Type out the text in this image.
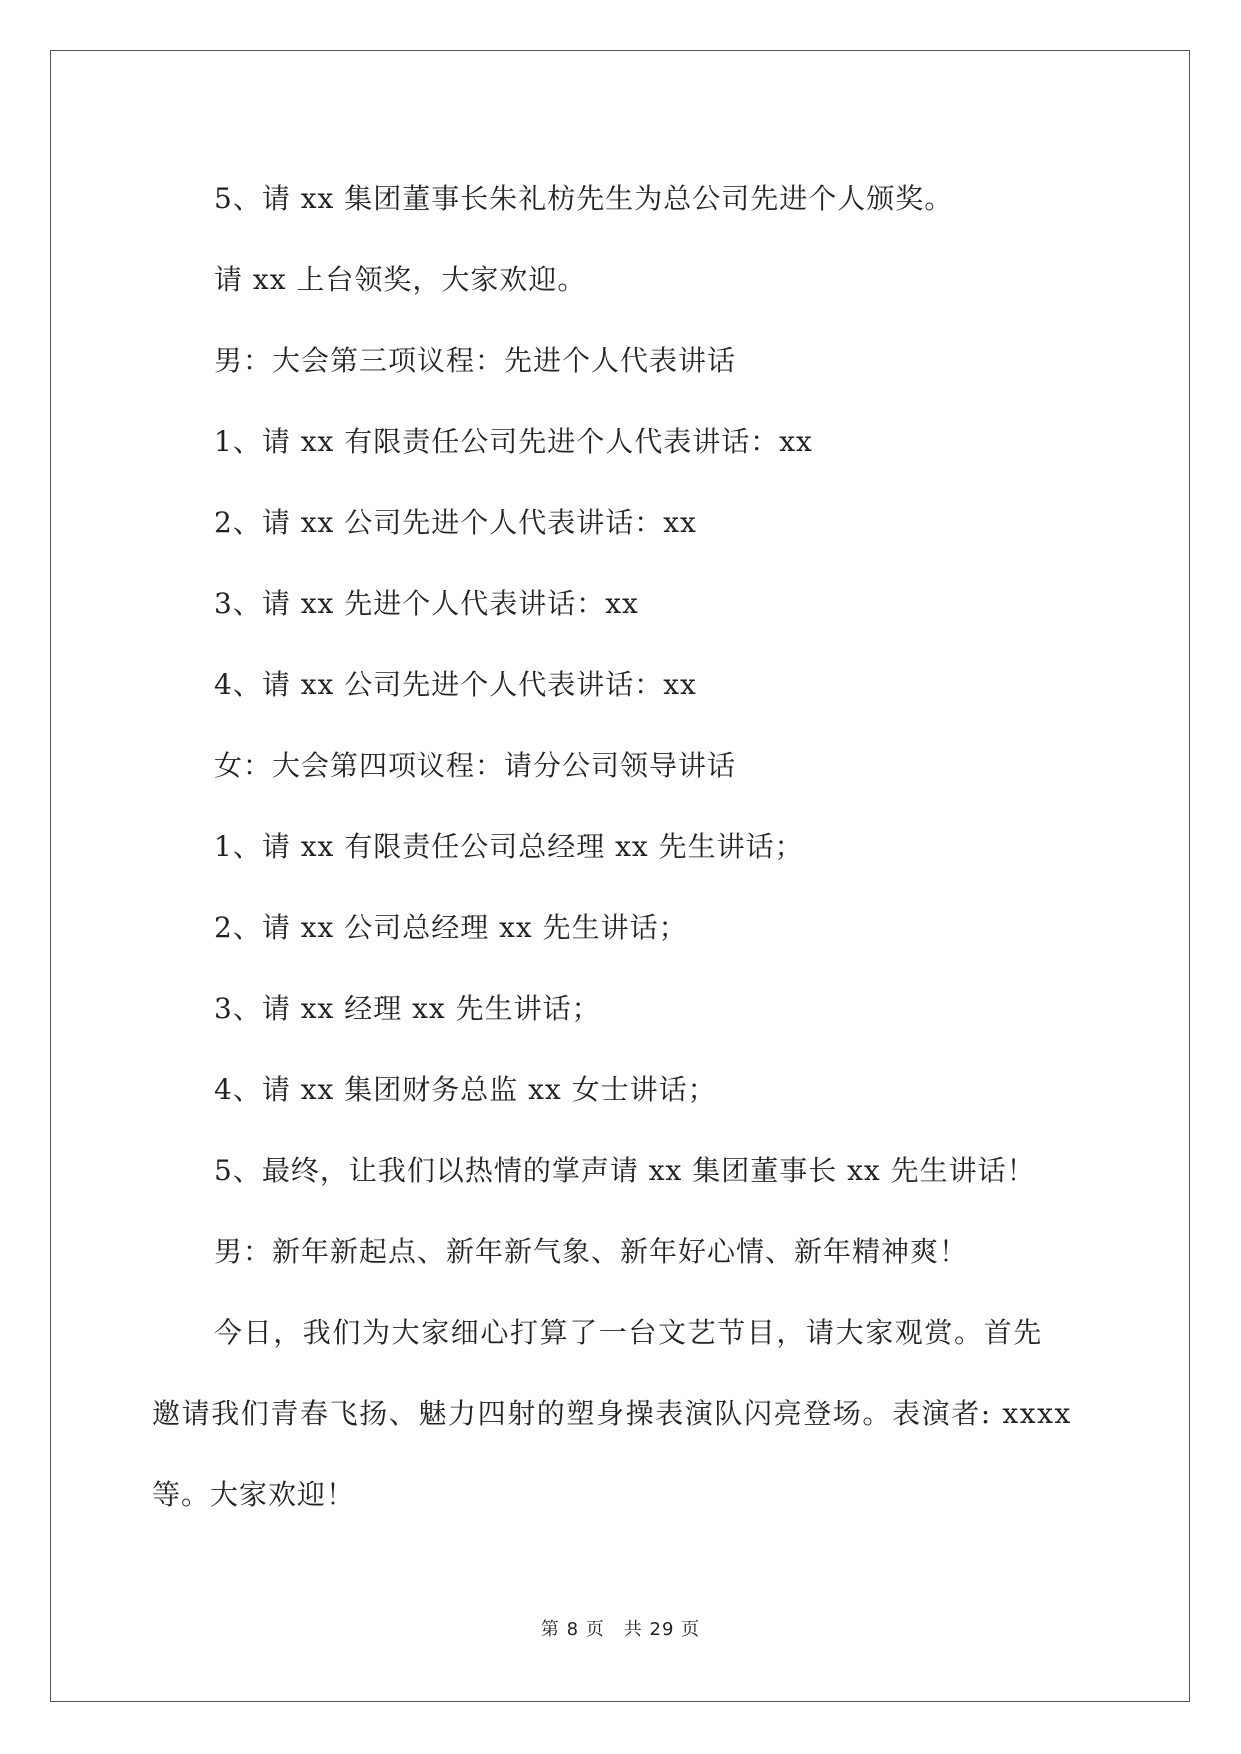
5、请 xx 集团董事长朱礼枋先生为总公司先进个人颁奖。

请 xx 上台领奖，大家欢迎。

男：大会第三项议程：先进个人代表讲话

1、请 xx 有限责任公司先进个人代表讲话：xx

2、请 xx 公司先进个人代表讲话：xx

3、请 xx 先进个人代表讲话：xx

4、请 xx 公司先进个人代表讲话：xx

女：大会第四项议程：请分公司领导讲话

1、请 xx 有限责任公司总经理 xx 先生讲话；

2、请 xx 公司总经理 xx 先生讲话；

3、请 xx 经理 xx 先生讲话；

4、请 xx 集团财务总监 xx 女士讲话；

5、最终，让我们以热情的掌声请 xx 集团董事长 xx 先生讲话！

男：新年新起点、新年新气象、新年好心情、新年精神爽！

今日，我们为大家细心打算了一台文艺节目，请大家观赏。首先

邀请我们青春飞扬、魅力四射的塑身操表演队闪亮登场。表演者: xxxx

等。大家欢迎！

第 8 页　共 29 页
